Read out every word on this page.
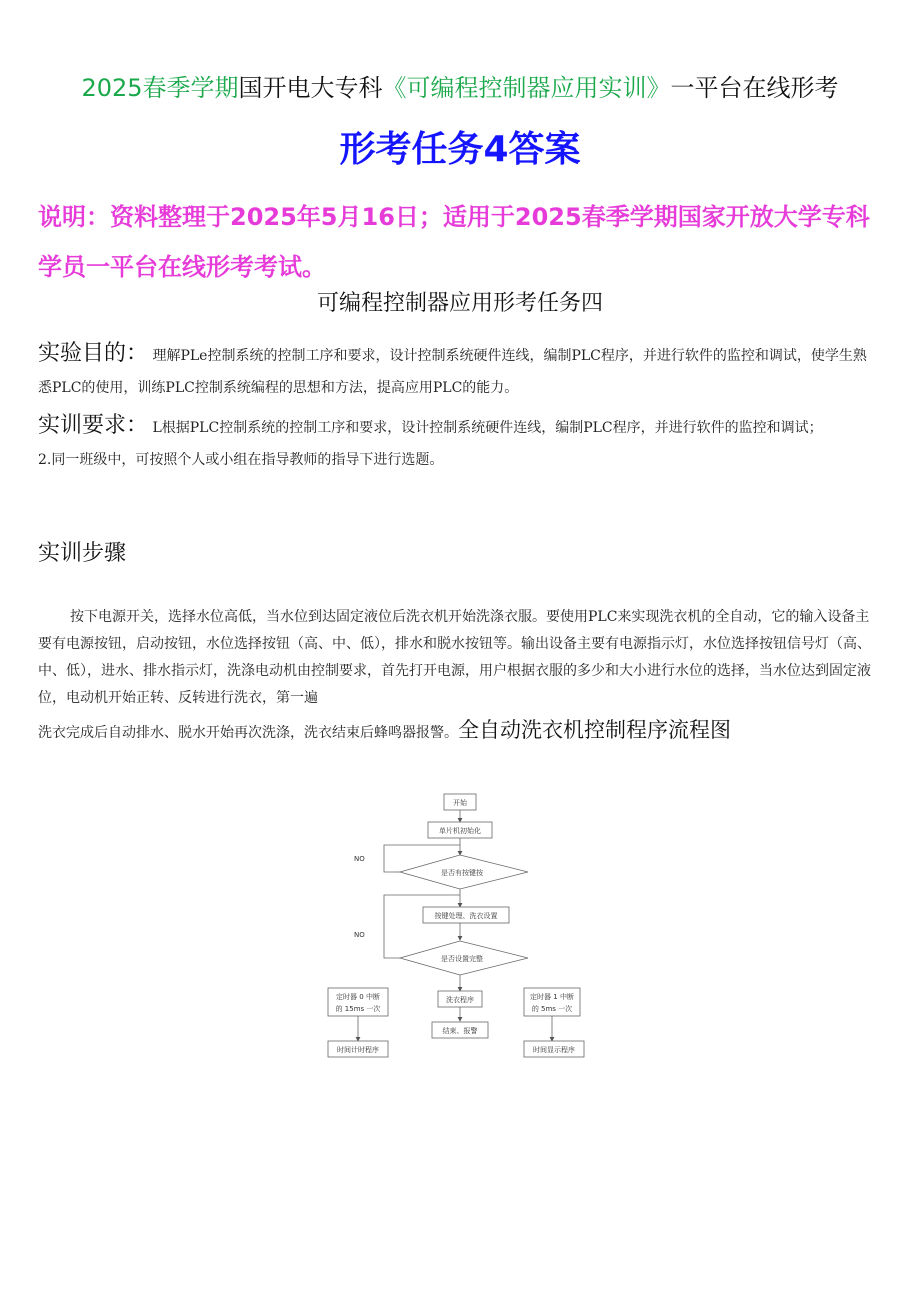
2025春季学期国开电大专科《可编程控制器应用实训》一平台在线形考
形考任务4答案
说明：资料整理于2025年5月16日；适用于2025春季学期国家开放大学专科学员一平台在线形考考试。
可编程控制器应用形考任务四
实验目的： 理解PLe控制系统的控制工序和要求，设计控制系统硬件连线，编制PLC程序，并进行软件的监控和调试，使学生熟悉PLC的使用，训练PLC控制系统编程的思想和方法，提高应用PLC的能力。
实训要求： L根据PLC控制系统的控制工序和要求，设计控制系统硬件连线，编制PLC程序，并进行软件的监控和调试；
2.同一班级中，可按照个人或小组在指导教师的指导下进行选题。
实训步骤
按下电源开关，选择水位高低，当水位到达固定液位后洗衣机开始洗涤衣服。要使用PLC来实现洗衣机的全自动，它的输入设备主要有电源按钮，启动按钮，水位选择按钮（高、中、低），排水和脱水按钮等。输出设备主要有电源指示灯，水位选择按钮信号灯（高、中、低），进水、排水指示灯，洗涤电动机由控制要求，首先打开电源，用户根据衣服的多少和大小进行水位的选择，当水位达到固定液位，电动机开始正转、反转进行洗衣，第一遍
洗衣完成后自动排水、脱水开始再次洗涤，洗衣结束后蜂鸣器报警。全自动洗衣机控制程序流程图
开始
单片机初始化
是否有按键按
NO
按键处理、洗衣设置
NO
是否设置完整
定时器 0 中断
的 15ms 一次
洗衣程序	定时器 1 中断
的 5ms 一次
结束、报警
时间计时程序	时间显示程序
